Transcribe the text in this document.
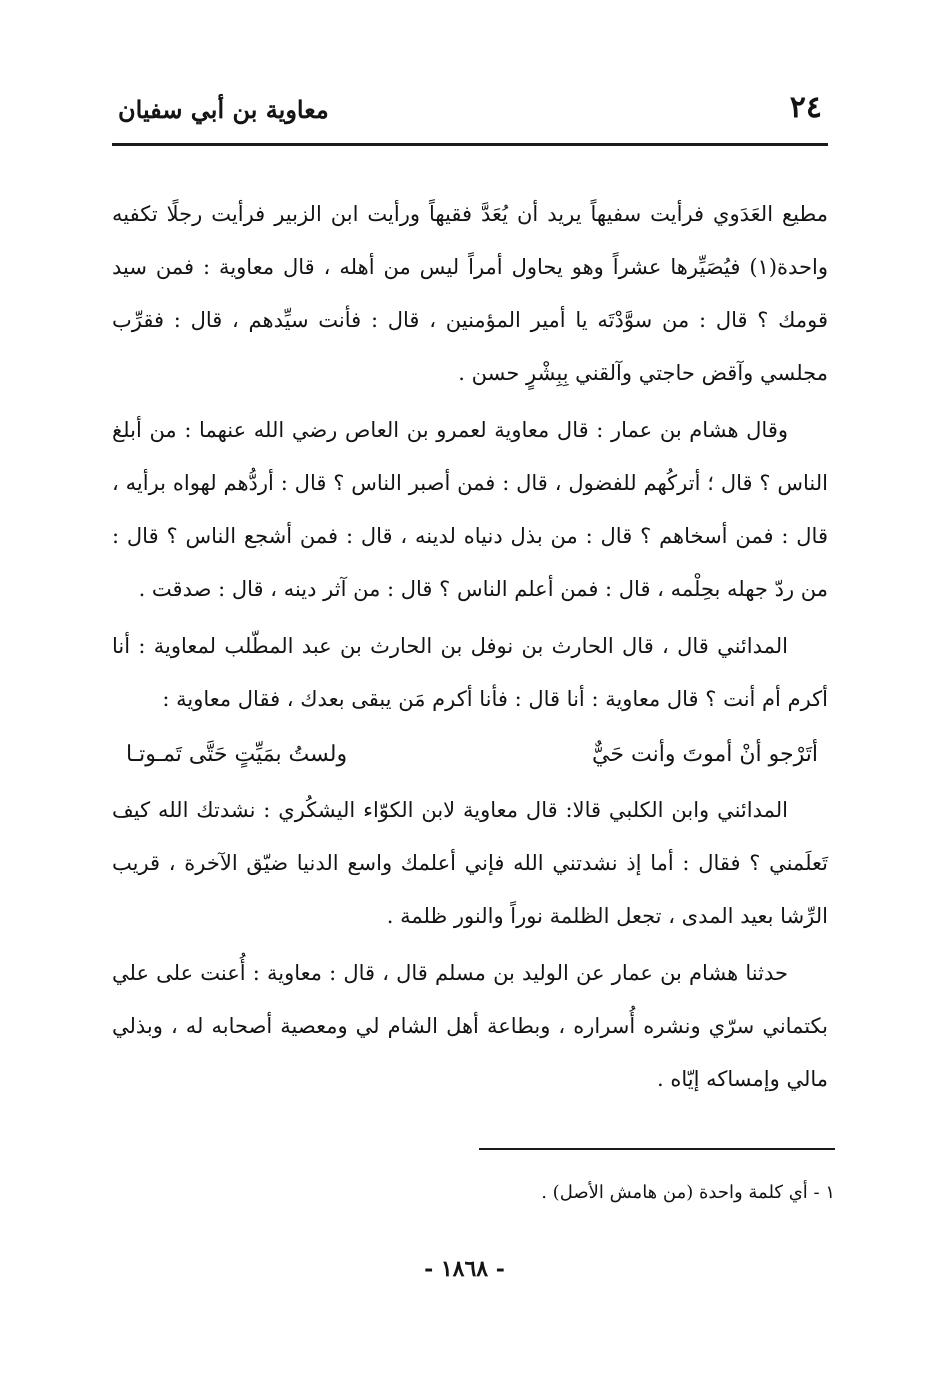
٢٤
معاوية بن أبي سفيان

مطيع العَدَوي فرأيت سفيهاً يريد أن يُعَدَّ فقيهاً ورأيت ابن الزبير فرأيت رجلًا تكفيه واحدة(١) فيُصَيِّرها عشراً وهو يحاول أمراً ليس من أهله ، قال معاوية : فمن سيد قومك ؟ قال : من سوَّدْتَه يا أمير المؤمنين ، قال : فأنت سيِّدهم ، قال : فقرِّب مجلسي وآقض حاجتي وآلقني بِبِشْرٍ حسن .

وقال هشام بن عمار : قال معاوية لعمرو بن العاص رضي الله عنهما : من أبلغ الناس ؟ قال ؛ أتركُهم للفضول ، قال : فمن أصبر الناس ؟ قال : أردُّهم لهواه برأيه ، قال : فمن أسخاهم ؟ قال : من بذل دنياه لدينه ، قال : فمن أشجع الناس ؟ قال : من ردّ جهله بحِلْمه ، قال : فمن أعلم الناس ؟ قال : من آثر دينه ، قال : صدقت .

المدائني قال ، قال الحارث بن نوفل بن الحارث بن عبد المطّلب لمعاوية : أنا أكرم أم أنت ؟ قال معاوية : أنا قال : فأنا أكرم مَن يبقى بعدك ، فقال معاوية :

أتَرْجو أنْ أموتَ وأنت حَيٌّ
ولستُ بمَيِّتٍ حَتَّى تَمـوتـا

المدائني وابن الكلبي قالا: قال معاوية لابن الكوّاء اليشكُري : نشدتك الله كيف تَعلَمني ؟ فقال : أما إذ نشدتني الله فإني أعلمك واسع الدنيا ضيّق الآخرة ، قريب الرِّشا بعيد المدى ، تجعل الظلمة نوراً والنور ظلمة .

حدثنا هشام بن عمار عن الوليد بن مسلم قال ، قال : معاوية : أُعنت على علي بكتماني سرّي ونشره أُسراره ، وبطاعة أهل الشام لي ومعصية أصحابه له ، وبذلي مالي وإمساكه إيّاه .

١ - أي كلمة واحدة (من هامش الأصل) .
- ١٨٦٨ -
